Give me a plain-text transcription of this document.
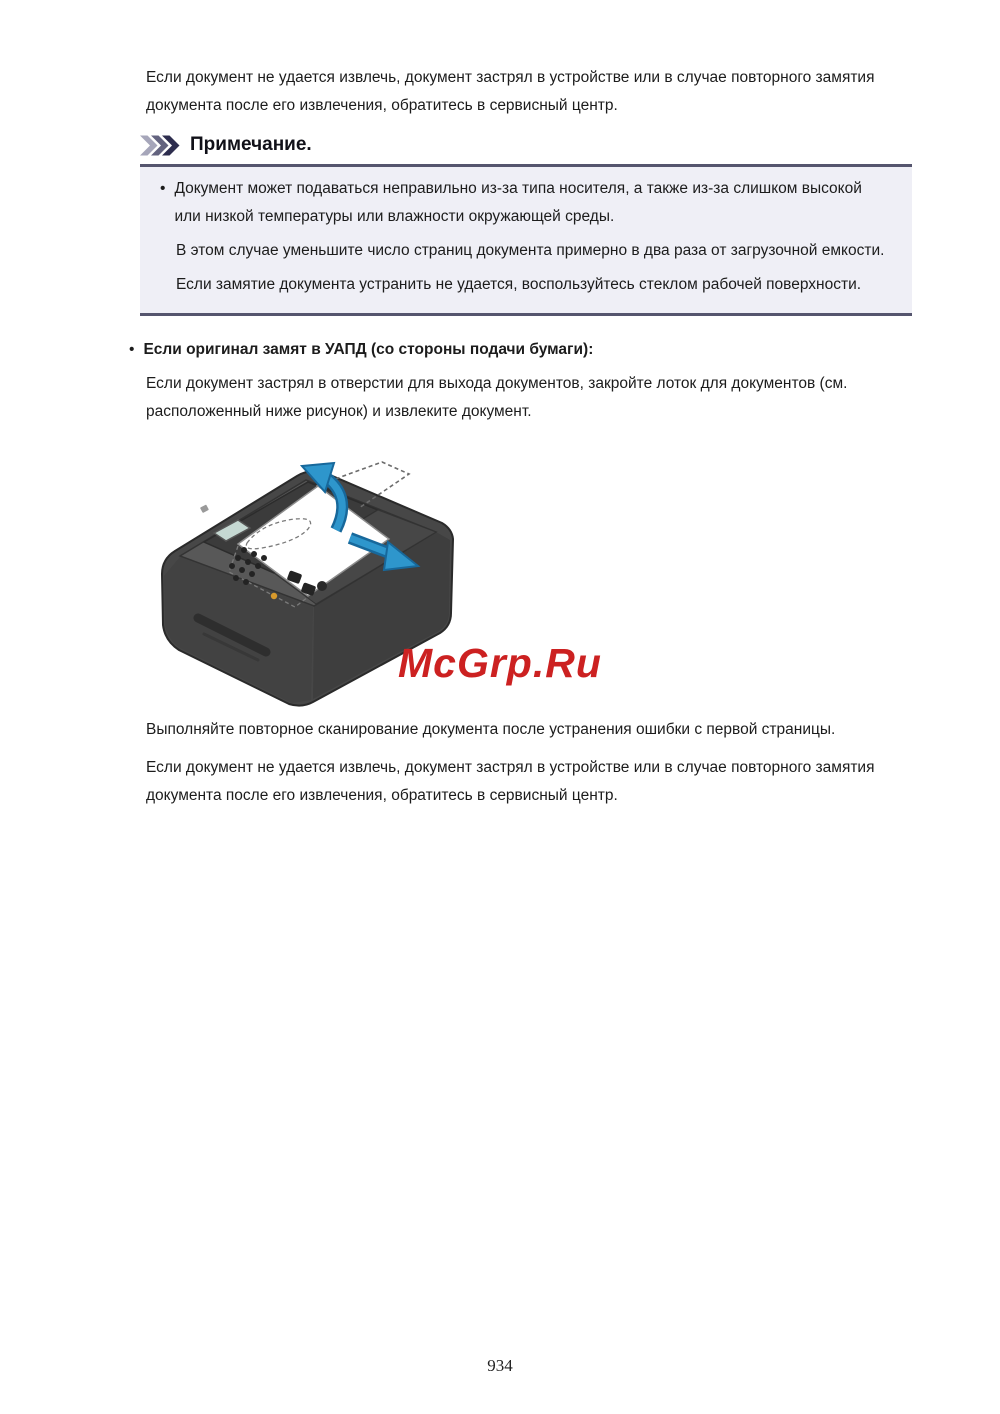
Если документ не удается извлечь, документ застрял в устройстве или в случае повторного замятия документа после его извлечения, обратитесь в сервисный центр.

Примечание.
• Документ может подаваться неправильно из-за типа носителя, а также из-за слишком высокой или низкой температуры или влажности окружающей среды.

В этом случае уменьшите число страниц документа примерно в два раза от загрузочной емкости.

Если замятие документа устранить не удается, воспользуйтесь стеклом рабочей поверхности.

• Если оригинал замят в УАПД (со стороны подачи бумаги):

Если документ застрял в отверстии для выхода документов, закройте лоток для документов (см. расположенный ниже рисунок) и извлеките документ.

McGrp.Ru

Выполняйте повторное сканирование документа после устранения ошибки с первой страницы.

Если документ не удается извлечь, документ застрял в устройстве или в случае повторного замятия документа после его извлечения, обратитесь в сервисный центр.

934
